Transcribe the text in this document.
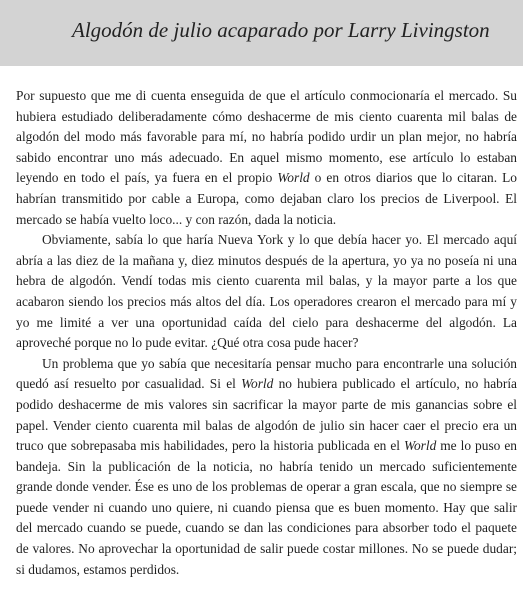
Algodón de julio acaparado por Larry Livingston

Por supuesto que me di cuenta enseguida de que el artículo conmocionaría el mercado. Su hubiera estudiado deliberadamente cómo deshacerme de mis ciento cuarenta mil balas de algodón del modo más favorable para mí, no habría podido urdir un plan mejor, no habría sabido encontrar uno más adecuado. En aquel mismo momento, ese artículo lo estaban leyendo en todo el país, ya fuera en el propio World o en otros diarios que lo citaran. Lo habrían transmitido por cable a Europa, como dejaban claro los precios de Liverpool. El mercado se había vuelto loco... y con razón, dada la noticia.

Obviamente, sabía lo que haría Nueva York y lo que debía hacer yo. El mercado aquí abría a las diez de la mañana y, diez minutos después de la apertura, yo ya no poseía ni una hebra de algodón. Vendí todas mis ciento cuarenta mil balas, y la mayor parte a los que acabaron siendo los precios más altos del día. Los operadores crearon el mercado para mí y yo me limité a ver una oportunidad caída del cielo para deshacerme del algodón. La aproveché porque no lo pude evitar. ¿Qué otra cosa pude hacer?

Un problema que yo sabía que necesitaría pensar mucho para encontrarle una solución quedó así resuelto por casualidad. Si el World no hubiera publicado el artículo, no habría podido deshacerme de mis valores sin sacrificar la mayor parte de mis ganancias sobre el papel. Vender ciento cuarenta mil balas de algodón de julio sin hacer caer el precio era un truco que sobrepasaba mis habilidades, pero la historia publicada en el World me lo puso en bandeja. Sin la publicación de la noticia, no habría tenido un mercado suficientemente grande donde vender. Ése es uno de los problemas de operar a gran escala, que no siempre se puede vender ni cuando uno quiere, ni cuando piensa que es buen momento. Hay que salir del mercado cuando se puede, cuando se dan las condiciones para absorber todo el paquete de valores. No aprovechar la oportunidad de salir puede costar millones. No se puede dudar; si dudamos, estamos perdidos.
